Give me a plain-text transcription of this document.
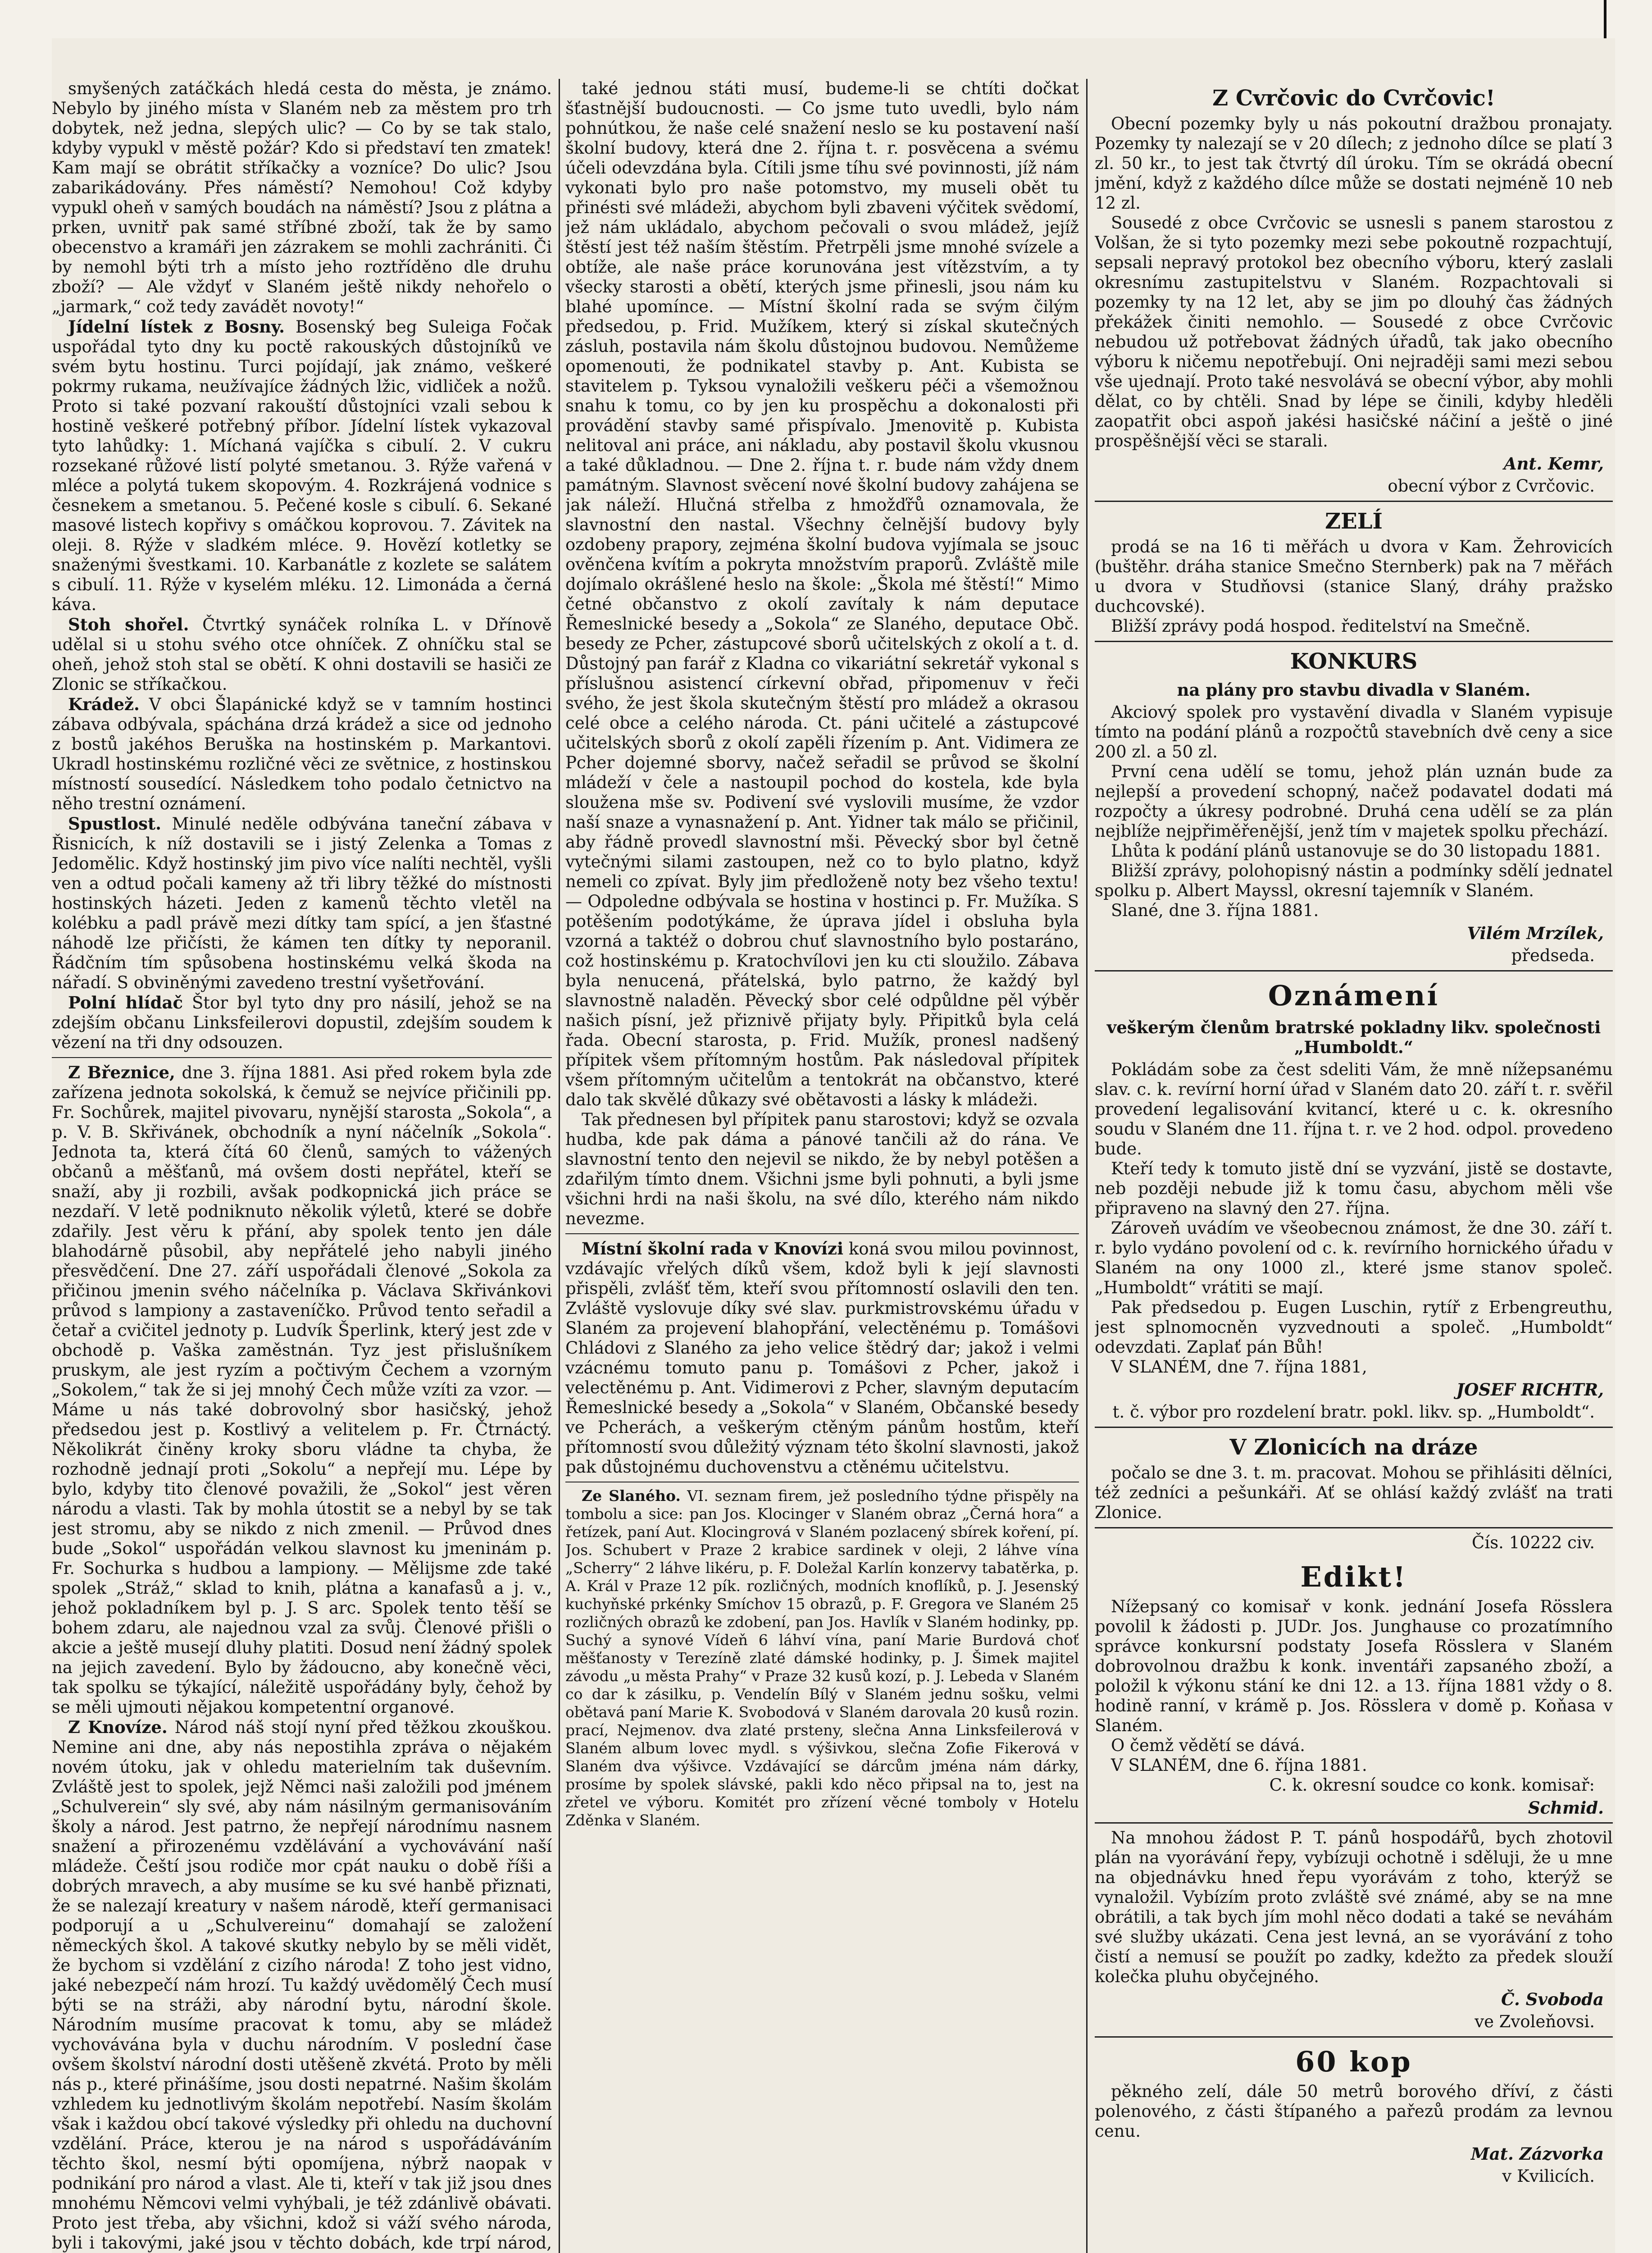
smyšených zatáčkách hledá cesta do města, je známo. Nebylo by jiného místa v Slaném neb za městem pro trh dobytek, než jedna, slepých ulic? — Co by se tak stalo, kdyby vypukl v městě požár? Kdo si představí ten zmatek! Kam mají se obrátit stříkačky a vozníce? Do ulic? Jsou zabarikádovány. Přes náměstí? Nemohou! Což kdyby vypukl oheň v samých boudách na náměstí? Jsou z plátna a prken, uvnitř pak samé stříbné zboží, tak že by samo obecenstvo a kramáři jen zázrakem se mohli zachrániti. Či by nemohl býti trh a místo jeho roztříděno dle druhu zboží? — Ale vždyť v Slaném ještě nikdy nehořelo o „jarmark,“ což tedy zavádět novoty!“

Jídelní lístek z Bosny. Bosenský beg Suleiga Fočak uspořádal tyto dny ku poctě rakouských důstojníků ve svém bytu hostinu. Turci pojídají, jak známo, veškeré pokrmy rukama, neužívajíce žádných lžic, vidliček a nožů. Proto si také pozvaní rakouští důstojníci vzali sebou k hostině veškeré potřebný příbor. Jídelní lístek vykazoval tyto lahůdky: 1. Míchaná vajíčka s cibulí. 2. V cukru rozsekané růžové listí polyté smetanou. 3. Rýže vařená v mléce a polytá tukem skopovým. 4. Rozkrájená vodnice s česnekem a smetanou. 5. Pečené kosle s cibulí. 6. Sekané masové listech kopřivy s omáčkou koprovou. 7. Závitek na oleji. 8. Rýže v sladkém mléce. 9. Hovězí kotletky se snaženými švestkami. 10. Karbanátle z kozlete se salátem s cibulí. 11. Rýže v kyselém mléku. 12. Limonáda a černá káva.

Stoh shořel. Čtvrtký synáček rolníka L. v Dřínově udělal si u stohu svého otce ohníček. Z ohníčku stal se oheň, jehož stoh stal se obětí. K ohni dostavili se hasiči ze Zlonic se stříkačkou.

Krádež. V obci Šlapánické když se v tamním hostinci zábava odbývala, spáchána drzá krádež a sice od jednoho z bostů jakéhos Beruška na hostinském p. Markantovi. Ukradl hostinskému rozličné věci ze světnice, z hostinskou místností sousedící. Následkem toho podalo četnictvo na něho trestní oznámení.

Spustlost. Minulé neděle odbývána taneční zábava v Řisnicích, k níž dostavili se i jistý Zelenka a Tomas z Jedomělic. Když hostinský jim pivo více nalíti nechtěl, vyšli ven a odtud počali kameny až tři libry těžké do místnosti hostinských házeti. Jeden z kamenů těchto vletěl na kolébku a padl právě mezi dítky tam spící, a jen šťastné náhodě lze přičísti, že kámen ten dítky ty neporanil. Řádčním tím spůsobena hostinskému velká škoda na nářadí. S obviněnými zavedeno trestní vyšetřování.

Polní hlídač Štor byl tyto dny pro násilí, jehož se na zdejším občanu Linksfeilerovi dopustil, zdejším soudem k vězení na tři dny odsouzen.

Z Březnice, dne 3. října 1881. Asi před rokem byla zde zařízena jednota sokolská, k čemuž se nejvíce přičinili pp. Fr. Sochůrek, majitel pivovaru, nynější starosta „Sokola“, a p. V. B. Skřivánek, obchodník a nyní náčelník „Sokola“. Jednota ta, která čítá 60 členů, samých to vážených občanů a měšťanů, má ovšem dosti nepřátel, kteří se snaží, aby ji rozbili, avšak podkopnická jich práce se nezdaří. V letě podniknuto několik výletů, které se dobře zdařily. Jest věru k přání, aby spolek tento jen dále blahodárně působil, aby nepřátelé jeho nabyli jiného přesvědčení. Dne 27. září uspořádali členové „Sokola za přičinou jmenin svého náčelníka p. Václava Skřivánkovi průvod s lampiony a zastaveníčko. Průvod tento seřadil a četař a cvičitel jednoty p. Ludvík Šperlink, který jest zde v obchodě p. Vaška zaměstnán. Tyz jest přislušníkem pruskym, ale jest ryzím a počtivým Čechem a vzorným „Sokolem,“ tak že si jej mnohý Čech může vzíti za vzor. — Máme u nás také dobrovolný sbor hasičský, jehož předsedou jest p. Kostlivý a velitelem p. Fr. Čtrnáctý. Několikrát činěny kroky sboru vládne ta chyba, že rozhodně jednají proti „Sokolu“ a nepřejí mu. Lépe by bylo, kdyby tito členové považili, že „Sokol“ jest věren národu a vlasti. Tak by mohla útostit se a nebyl by se tak jest stromu, aby se nikdo z nich zmenil. — Průvod dnes bude „Sokol“ uspořádán velkou slavnost ku jmeninám p. Fr. Sochurka s hudbou a lampiony. — Mělijsme zde také spolek „Stráž,“ sklad to knih, plátna a kanafasů a j. v., jehož pokladníkem byl p. J. S arc. Spolek tento těší se bohem zdaru, ale najednou vzal za svůj. Členové přišli o akcie a ještě musejí dluhy platiti. Dosud není žádný spolek na jejich zavedení. Bylo by žádoucno, aby konečně věci, tak spolku se týkající, náležitě uspořádány byly, čehož by se měli ujmouti nějakou kompetentní organové.

Z Knovíze. Národ náš stojí nyní před těžkou zkouškou. Nemine ani dne, aby nás nepostihla zpráva o nějakém novém útoku, jak v ohledu materielním tak duševním. Zvláště jest to spolek, jejž Němci naši založili pod jménem „Schulverein“ sly své, aby nám násilným germanisováním školy a národ. Jest patrno, že nepřejí národnímu nasnem snažení a přirozenému vzdělávání a vychovávání naší mládeže. Čeští jsou rodiče mor cpát nauku o době říši a dobrých mravech, a aby musíme se ku své hanbě přiznati, že se nalezají kreatury v našem národě, kteří germanisaci podporují a u „Schulvereinu“ domahají se založení německých škol. A takové skutky nebylo by se měli vidět, že bychom si vzdělání z cizího národa! Z toho jest vidno, jaké nebezpečí nám hrozí. Tu každý uvědomělý Čech musí býti se na stráži, aby národní bytu, národní škole. Národním musíme pracovat k tomu, aby se mládež vychovávána byla v duchu národním. V poslední čase ovšem školství národní dosti utěšeně zkvétá. Proto by měli nás p., které přinášíme, jsou dosti nepatrné. Našim školám vzhledem ku jednotlivým školám nepotřebí. Nasím školám však i každou obcí takové výsledky při ohledu na duchovní vzdělání. Práce, kterou je na národ s uspořádáváním těchto škol, nesmí býti opomíjena, nýbrž naopak v podnikání pro národ a vlast. Ale ti, kteří v tak již jsou dnes mnohému Němcovi velmi vyhýbali, je též zdánlivě obávati. Proto jest třeba, aby všichni, kdož si váží svého národa, byli i takovými, jaké jsou v těchto dobách, kde trpí národ,

také jednou státi musí, budeme-li se chtíti dočkat šťastnější budoucnosti. — Co jsme tuto uvedli, bylo nám pohnútkou, že naše celé snažení neslo se ku postavení naší školní budovy, která dne 2. října t. r. posvěcena a svému účeli odevzdána byla. Cítili jsme tíhu své povinnosti, jíž nám vykonati bylo pro naše potomstvo, my museli obět tu přinésti své mládeži, abychom byli zbaveni výčitek svědomí, jež nám ukládalo, abychom pečovali o svou mládež, jejíž štěstí jest též naším štěstím. Přetrpěli jsme mnohé svízele a obtíže, ale naše práce korunována jest vítězstvím, a ty všecky starosti a obětí, kterých jsme přinesli, jsou nám ku blahé upomínce. — Místní školní rada se svým čilým předsedou, p. Frid. Mužíkem, který si získal skutečných zásluh, postavila nám školu důstojnou budovou. Nemůžeme opomenouti, že podnikatel stavby p. Ant. Kubista se stavitelem p. Tyksou vynaložili veškeru péči a všemožnou snahu k tomu, co by jen ku prospěchu a dokonalosti při provádění stavby samé přispívalo. Jmenovitě p. Kubista nelitoval ani práce, ani nákladu, aby postavil školu vkusnou a také důkladnou. — Dne 2. října t. r. bude nám vždy dnem památným. Slavnost svěcení nové školní budovy zahájena se jak náleží. Hlučná střelba z hmožďřů oznamovala, že slavnostní den nastal. Všechny čelnější budovy byly ozdobeny prapory, zejména školní budova vyjímala se jsouc ověnčena kvítím a pokryta množstvím praporů. Zvláště mile dojímalo okrášlené heslo na škole: „Škola mé štěstí!“ Mimo četné občanstvo z okolí zavítaly k nám deputace Řemeslnické besedy a „Sokola“ ze Slaného, deputace Obč. besedy ze Pcher, zástupcové sborů učitelských z okolí a t. d. Důstojný pan farář z Kladna co vikariátní sekretář vykonal s příslušnou asistencí církevní obřad, připomenuv v řeči svého, že jest škola skutečným štěstí pro mládež a okrasou celé obce a celého národa. Ct. páni učitelé a zástupcové učitelských sborů z okolí zapěli řízením p. Ant. Vidimera ze Pcher dojemné sborvy, načež seřadil se průvod se školní mládeží v čele a nastoupil pochod do kostela, kde byla sloužena mše sv. Podivení své vyslovili musíme, že vzdor naší snaze a vynasnažení p. Ant. Yidner tak málo se přičinil, aby řádně provedl slavnostní mši. Pěvecký sbor byl četně vytečnými silami zastoupen, než co to bylo platno, když nemeli co zpívat. Byly jim předloženě noty bez všeho textu! — Odpoledne odbývala se hostina v hostinci p. Fr. Mužíka. S potěšením podotýkáme, že úprava jídel i obsluha byla vzorná a taktéž o dobrou chuť slavnostního bylo postaráno, což hostinskému p. Kratochvílovi jen ku cti sloužilo. Zábava byla nenucená, přátelská, bylo patrno, že každý byl slavnostně naladěn. Pěvecký sbor celé odpůldne pěl výběr našich písní, jež přiznivě přijaty byly. Připitků byla celá řada. Obecní starosta, p. Frid. Mužík, pronesl nadšený přípitek všem přítomným hostům. Pak následoval přípitek všem přítomným učitelům a tentokrát na občanstvo, které dalo tak skvělé důkazy své obětavosti a lásky k mládeži.

Tak přednesen byl přípitek panu starostovi; když se ozvala hudba, kde pak dáma a pánové tančili až do rána. Ve slavnostní tento den nejevil se nikdo, že by nebyl potěšen a zdařilým tímto dnem. Všichni jsme byli pohnuti, a byli jsme všichni hrdi na naši školu, na své dílo, kterého nám nikdo nevezme.

Místní školní rada v Knovízi koná svou milou povinnost, vzdávajíc vřelých díků všem, kdož byli k její slavnosti přispěli, zvlášť těm, kteří svou přítomností oslavili den ten. Zvláště vyslovuje díky své slav. purkmistrovskému úřadu v Slaném za projevení blahopřání, velectěnému p. Tomášovi Chládovi z Slaného za jeho velice štědrý dar; jakož i velmi vzácnému tomuto panu p. Tomášovi z Pcher, jakož i velectěnému p. Ant. Vidimerovi z Pcher, slavným deputacím Řemeslnické besedy a „Sokola“ v Slaném, Občanské besedy ve Pcherách, a veškerým ctěným pánům hostům, kteří přítomností svou důležitý význam této školní slavnosti, jakož pak důstojnému duchovenstvu a ctěnému učitelstvu.

Ze Slaného. VI. seznam firem, jež posledního týdne přispěly na tombolu a sice: pan Jos. Klocinger v Slaném obraz „Černá hora“ a řetízek, paní Aut. Klocingrová v Slaném pozlacený sbírek koření, pí. Jos. Schubert v Praze 2 krabice sardinek v oleji, 2 láhve vína „Scherry“ 2 láhve likéru, p. F. Doležal Karlín konzervy tabatěrka, p. A. Král v Praze 12 pík. rozličných, modních knoflíků, p. J. Jesenský kuchyňské prkénky Smíchov 15 obrazů, p. F. Gregora ve Slaném 25 rozličných obrazů ke zdobení, pan Jos. Havlík v Slaném hodinky, pp. Suchý a synové Vídeň 6 láhví vína, paní Marie Burdová choť měšťanosty v Terezíně zlaté dámské hodinky, p. J. Šimek majitel závodu „u města Prahy“ v Praze 32 kusů kozí, p. J. Lebeda v Slaném co dar k zásilku, p. Vendelín Bílý v Slaném jednu sošku, velmi obětavá paní Marie K. Svobodová v Slaném darovala 20 kusů rozin. prací, Nejmenov. dva zlaté prsteny, slečna Anna Linksfeilerová v Slaném album lovec mydl. s výšivkou, slečna Zofie Fikerová v Slaném dva výšivce. Vzdávající se dárcům jména nám dárky, prosíme by spolek slávské, pakli kdo něco připsal na to, jest na zřetel ve výboru. Komitét pro zřízení věcné tomboly v Hotelu Zděnka v Slaném.

Z Cvrčovic do Cvrčovic!

Obecní pozemky byly u nás pokoutní dražbou pronajaty. Pozemky ty nalezají se v 20 dílech; z jednoho dílce se platí 3 zl. 50 kr., to jest tak čtvrtý díl úroku. Tím se okrádá obecní jmění, když z každého dílce může se dostati nejméně 10 neb 12 zl.

Sousedé z obce Cvrčovic se usnesli s panem starostou z Volšan, že si tyto pozemky mezi sebe pokoutně rozpachtují, sepsali nepravý protokol bez obecního výboru, který zaslali okresnímu zastupitelstvu v Slaném. Rozpachtovali si pozemky ty na 12 let, aby se jim po dlouhý čas žádných překážek činiti nemohlo. — Sousedé z obce Cvrčovic nebudou už potřebovat žádných úřadů, tak jako obecního výboru k ničemu nepotřebují. Oni nejraději sami mezi sebou vše ujednají. Proto také nesvolává se obecní výbor, aby mohli dělat, co by chtěli. Snad by lépe se činili, kdyby hleděli zaopatřit obci aspoň jakési hasičské náčiní a ještě o jiné prospěšnější věci se starali.

Ant. Kemr,
obecní výbor z Cvrčovic.
ZELÍ

prodá se na 16 ti měřách u dvora v Kam. Žehrovicích (buštěhr. dráha stanice Smečno Sternberk) pak na 7 měřách u dvora v Studňovsi (stanice Slaný, dráhy pražsko duchcovské).

Bližší zprávy podá hospod. ředitelství na Smečně.

KONKURS
na plány pro stavbu divadla v Slaném.

Akciový spolek pro vystavění divadla v Slaném vypisuje tímto na podání plánů a rozpočtů stavebních dvě ceny a sice 200 zl. a 50 zl.

První cena udělí se tomu, jehož plán uznán bude za nejlepší a provedení schopný, načež podavatel dodati má rozpočty a úkresy podrobné. Druhá cena udělí se za plán nejblíže nejpřiměřenější, jenž tím v majetek spolku přechází.

Lhůta k podání plánů ustanovuje se do 30 listopadu 1881.

Bližší zprávy, polohopisný nástin a podmínky sdělí jednatel spolku p. Albert Mayssl, okresní tajemník v Slaném.

Slané, dne 3. října 1881.

Vilém Mrzílek,
předseda.
Oznámení
veškerým členům bratrské pokladny likv. společnosti „Humboldt.“

Pokládám sobe za čest sdeliti Vám, že mně nížepsanému slav. c. k. revírní horní úřad v Slaném dato 20. září t. r. svěřil provedení legalisování kvitancí, které u c. k. okresního soudu v Slaném dne 11. října t. r. ve 2 hod. odpol. provedeno bude.

Kteří tedy k tomuto jistě dní se vyzvání, jistě se dostavte, neb později nebude již k tomu času, abychom měli vše připraveno na slavný den 27. října.

Zároveň uvádím ve všeobecnou známost, že dne 30. září t. r. bylo vydáno povolení od c. k. revírního hornického úřadu v Slaném na ony 1000 zl., které jsme stanov společ. „Humboldt“ vrátiti se mají.

Pak předsedou p. Eugen Luschin, rytíř z Erbengreuthu, jest splnomocněn vyzvednouti a společ. „Humboldt“ odevzdati. Zaplať pán Bůh!

V SLANÉM, dne 7. října 1881,

JOSEF RICHTR,
t. č. výbor pro rozdelení bratr. pokl. likv. sp. „Humboldt“.
V Zlonicích na dráze

počalo se dne 3. t. m. pracovat. Mohou se přihlásiti dělníci, též zedníci a pešunkáři. Ať se ohlásí každý zvlášť na trati Zlonice.

Čís. 10222 civ.
Edikt!

Nížepsaný co komisař v konk. jednání Josefa Rösslera povolil k žádosti p. JUDr. Jos. Junghause co prozatímního správce konkursní podstaty Josefa Rösslera v Slaném dobrovolnou dražbu k konk. inventáři zapsaného zboží, a položil k výkonu stání ke dni 12. a 13. října 1881 vždy o 8. hodině ranní, v krámě p. Jos. Rösslera v domě p. Koňasa v Slaném.

O čemž vědětí se dává.

V SLANÉM, dne 6. října 1881.

C. k. okresní soudce co konk. komisař:
Schmid.

Na mnohou žádost P. T. pánů hospodářů, bych zhotovil plán na vyorávání řepy, vybízuji ochotně i sděluji, že u mne na objednávku hned řepu vyorávám z toho, kterýž se vynaložil. Vybízím proto zvláště své známé, aby se na mne obrátili, a tak bych jím mohl něco dodati a také se neváhám své služby ukázati. Cena jest levná, an se vyorávání z toho čistí a nemusí se použít po zadky, kdežto za předek slouží kolečka pluhu obyčejného.

Č. Svoboda
ve Zvoleňovsi.
60 kop

pěkného zelí, dále 50 metrů borového dříví, z části polenového, z části štípaného a pařezů prodám za levnou cenu.

Mat. Zázvorka
v Kvilicích.
